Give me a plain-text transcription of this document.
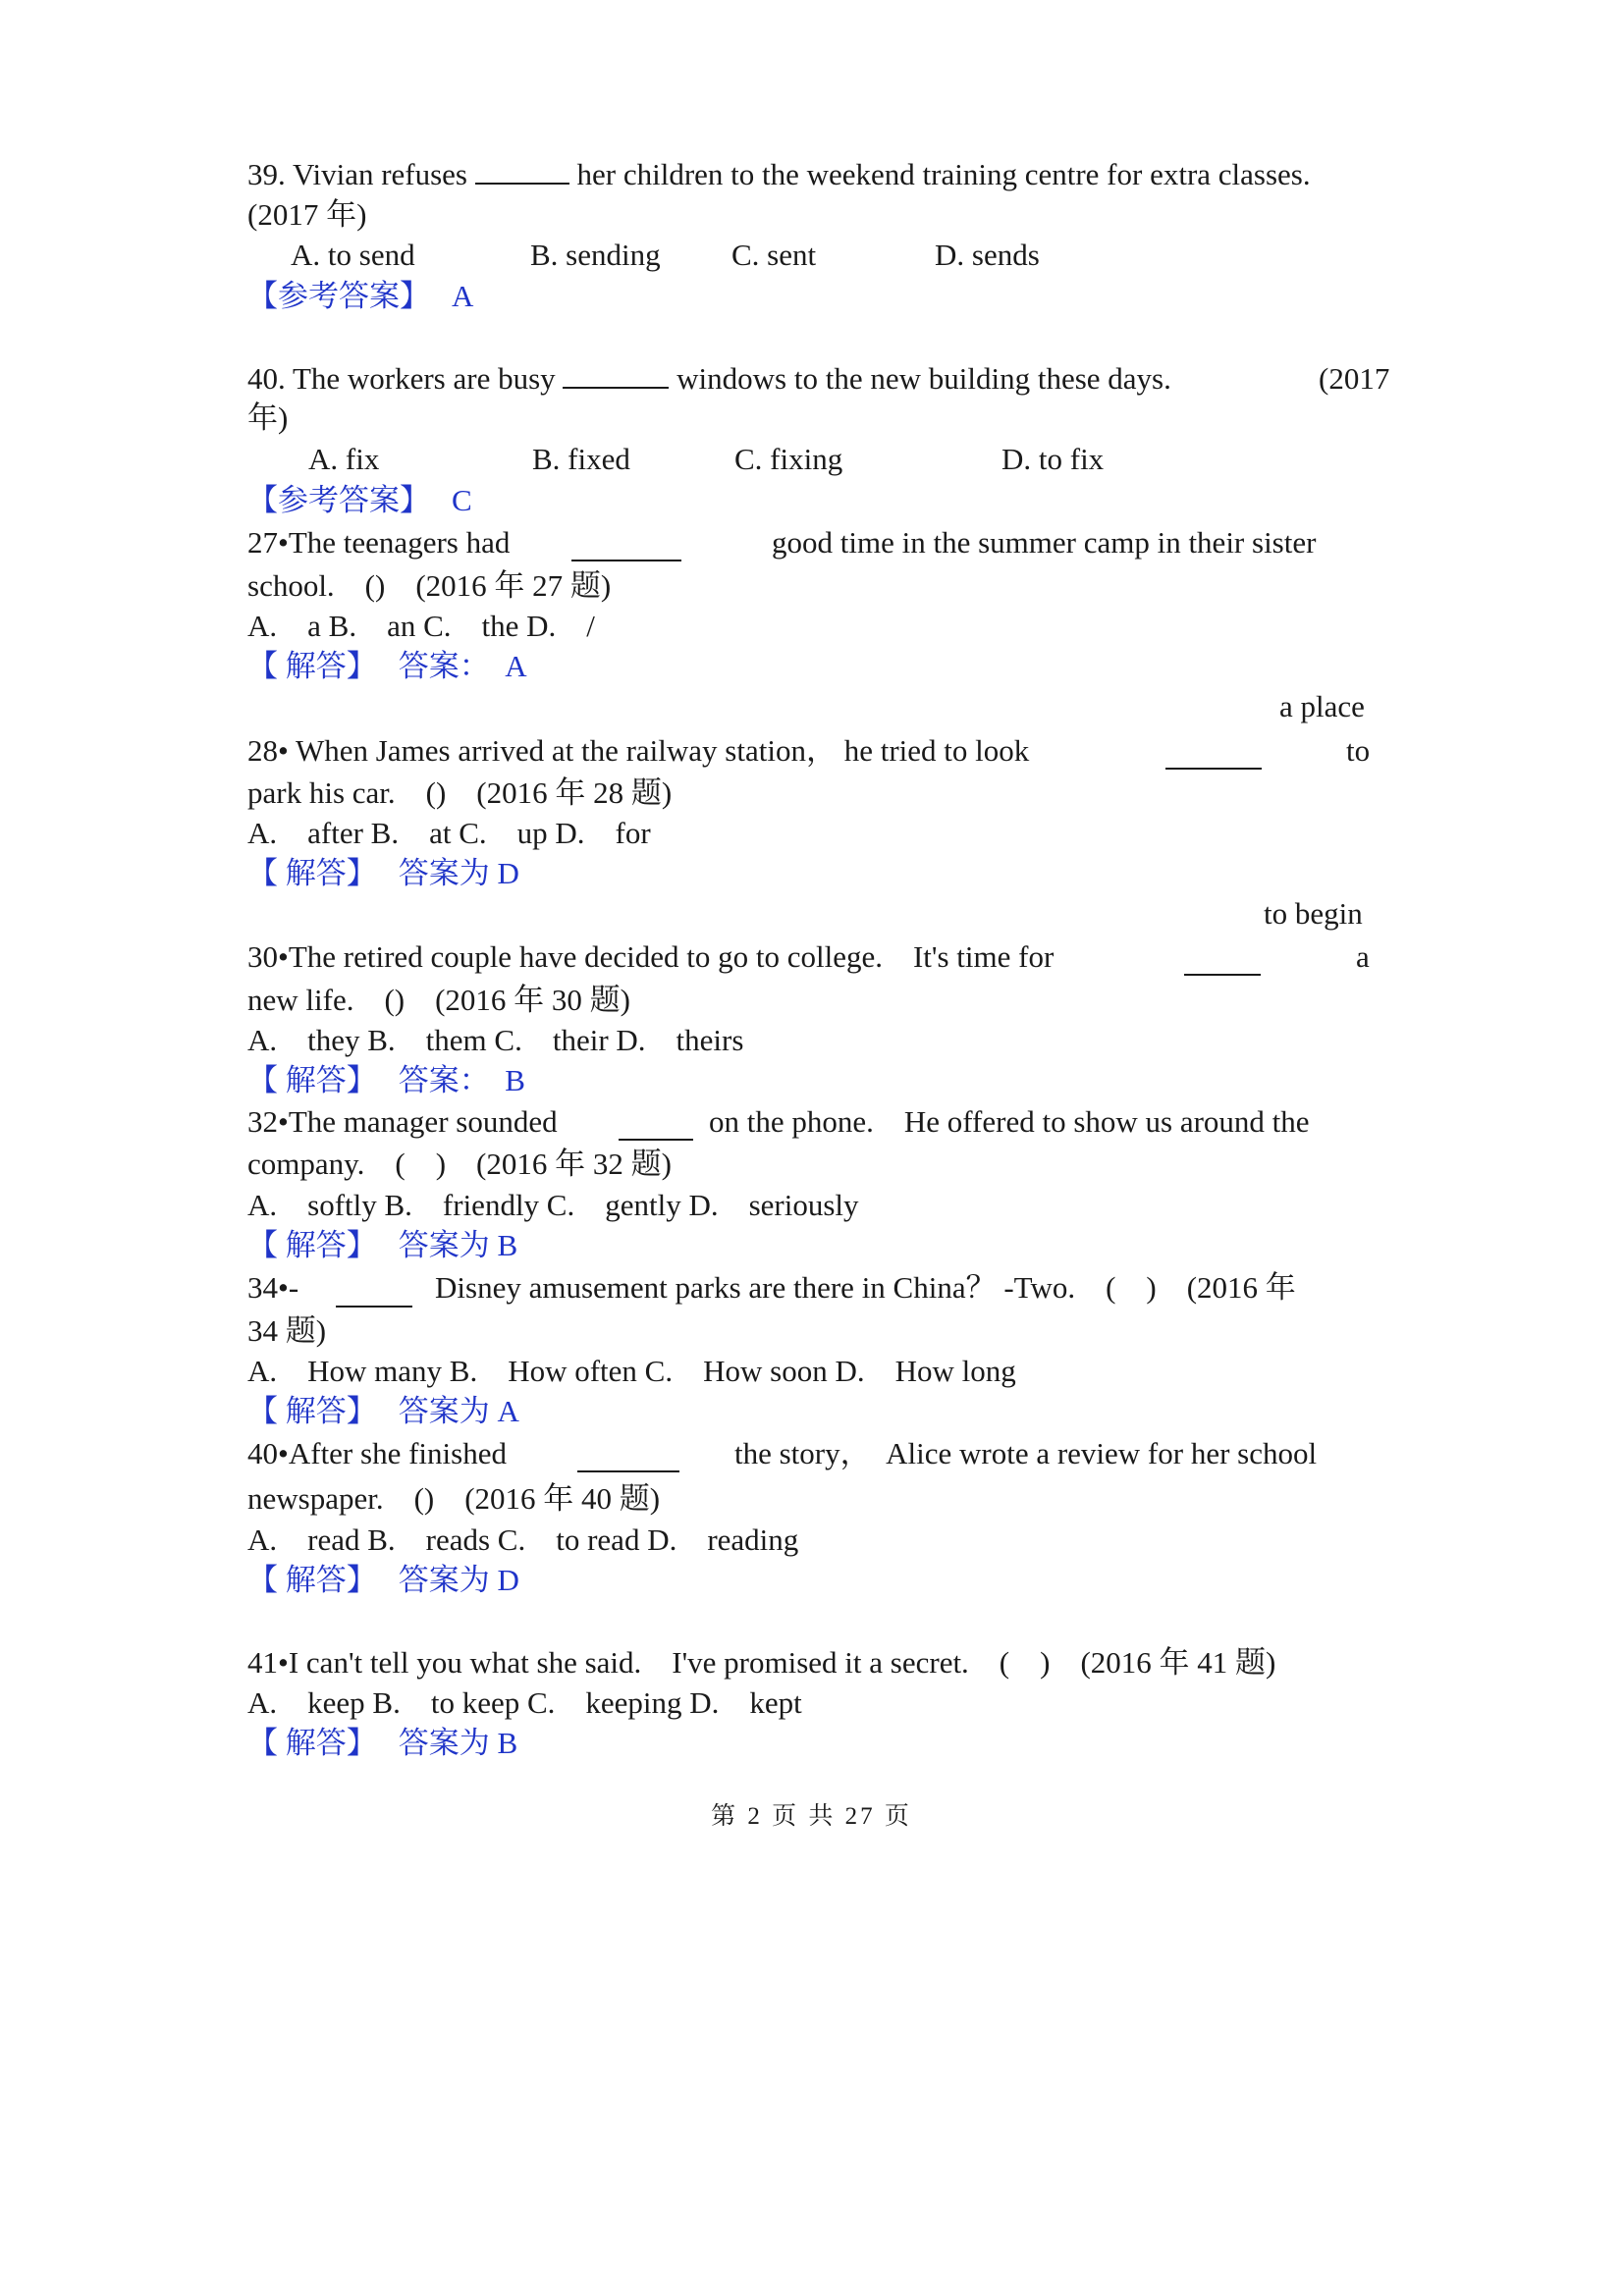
39. Vivian refuses	her children to the weekend training centre for extra classes.
(2017 年)
A. to send	B. sending C. sent	D. sends
【参考答案】 A
40. The workers are busy	windows to the new building these days.	(2017
年)
A. fix	B. fixed	C. fixing	D. to fix
【参考答案】 C
27•The teenagers had	good time in the summer camp in their sister
school.　()　(2016 年 27 题)
A.　a B.　an C.　the D.　/
【 解答】 答案：　A
a place
28• When James arrived at the railway station， he tried to look	to
park his car.　()　(2016 年 28 题)
A.　after B.　at C.　up D.　for
【 解答】 答案为 D
to begin
30•The retired couple have decided to go to college.　It's time for	a
new life.　()　(2016 年 30 题)
A.　they B.　them C.　their D.　theirs
【 解答】 答案：　B
32•The manager sounded	on the phone.　He offered to show us around the
company.　(　)　(2016 年 32 题)
A.　softly B.　friendly C.　gently D.　seriously
【 解答】 答案为 B
34•-	Disney amusement parks are there in China？ -Two.　(　)　(2016 年
34 题)
A.　How many B.　How often C.　How soon D.　How long
【 解答】 答案为 A
40•After she finished	the story，　Alice wrote a review for her school
newspaper.　()　(2016 年 40 题)
A.　read B.　reads C.　to read D.　reading
【 解答】 答案为 D
41•I can't tell you what she said.　I've promised it a secret.　(　)　(2016 年 41 题)
A.　keep B.　to keep C.　keeping D.　kept
【 解答】 答案为 B
第 2 页 共 27 页
